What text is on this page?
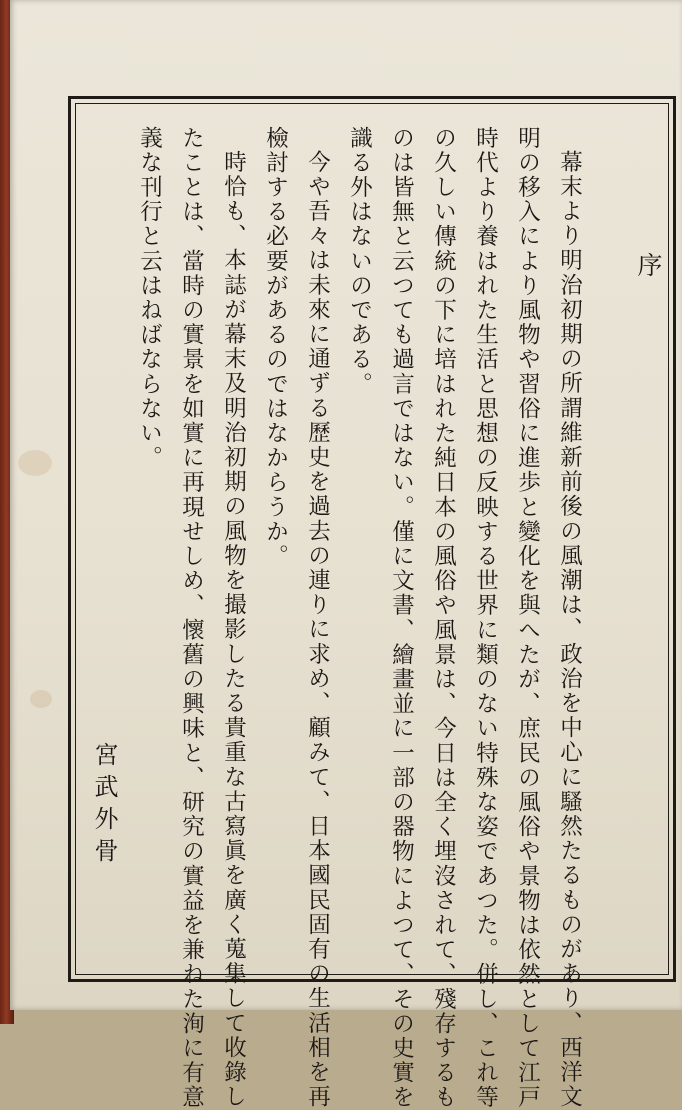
序
幕末より明治初期の所謂維新前後の風潮は、政治を中心に騷然たるものがあり、西洋文
明の移入により風物や習俗に進歩と變化を與へたが、庶民の風俗や景物は依然として江戸
時代より養はれた生活と思想の反映する世界に類のない特殊な姿であつた。併し、これ等
の久しい傳統の下に培はれた純日本の風俗や風景は、今日は全く埋沒されて、殘存するも
のは皆無と云つても過言ではない。僅に文書、繪畫並に一部の器物によつて、その史實を
識る外はないのである。
今や吾々は未來に通ずる歷史を過去の連りに求め、顧みて、日本國民固有の生活相を再
檢討する必要があるのではなからうか。
時恰も、本誌が幕末及明治初期の風物を撮影したる貴重な古寫眞を廣く蒐集して收錄し
たことは、當時の實景を如實に再現せしめ、懷舊の興味と、研究の實益を兼ねた洵に有意
義な刊行と云はねばならない。
宮武外骨
